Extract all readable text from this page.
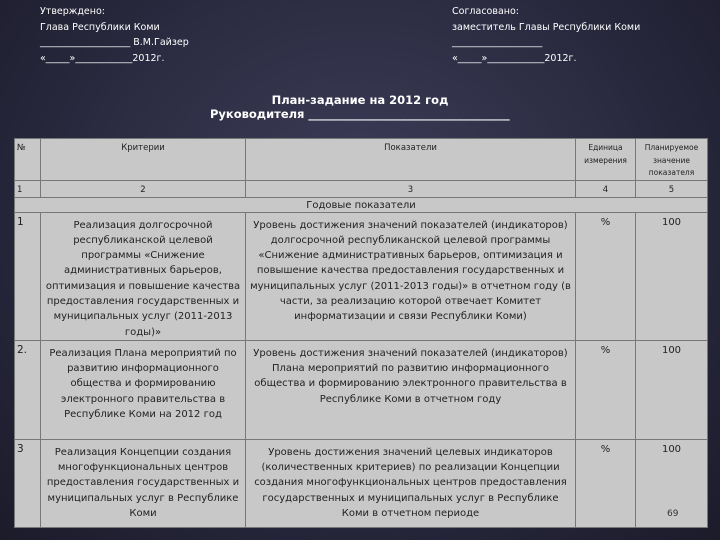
Утверждено:
Глава Республики Коми
___________________ В.М.Гайзер
«_____»____________2012г.
Согласовано:
заместитель Главы Республики Коми
___________________
«_____»____________2012г.
План-задание на 2012 год
Руководителя ___________________________________
№	Критерии	Показатели	Единица измерения	Планируемое значение показателя
1	2	3	4	5
Годовые показатели				
1	Реализация долгосрочной республиканской целевой программы «Снижение административных барьеров, оптимизация и повышение качества предоставления государственных и муниципальных услуг (2011-2013 годы)»	Уровень достижения значений показателей (индикаторов) долгосрочной республиканской целевой программы «Снижение административных барьеров, оптимизация и повышение качества предоставления государственных и муниципальных услуг (2011-2013 годы)» в отчетном году (в части, за реализацию которой отвечает Комитет информатизации и связи Республики Коми)	%	100
2.	Реализация Плана мероприятий по развитию информационного общества и формированию электронного правительства в Республике Коми на 2012 год	Уровень достижения значений показателей (индикаторов) Плана мероприятий по развитию информационного общества и формированию электронного правительства в Республике Коми в отчетном году	%	100
3	Реализация Концепции создания многофункциональных центров предоставления государственных и муниципальных услуг в Республике Коми	Уровень достижения значений целевых индикаторов (количественных критериев) по реализации Концепции создания многофункциональных центров предоставления государственных и муниципальных услуг в Республике Коми в отчетном периоде	%	100
69
